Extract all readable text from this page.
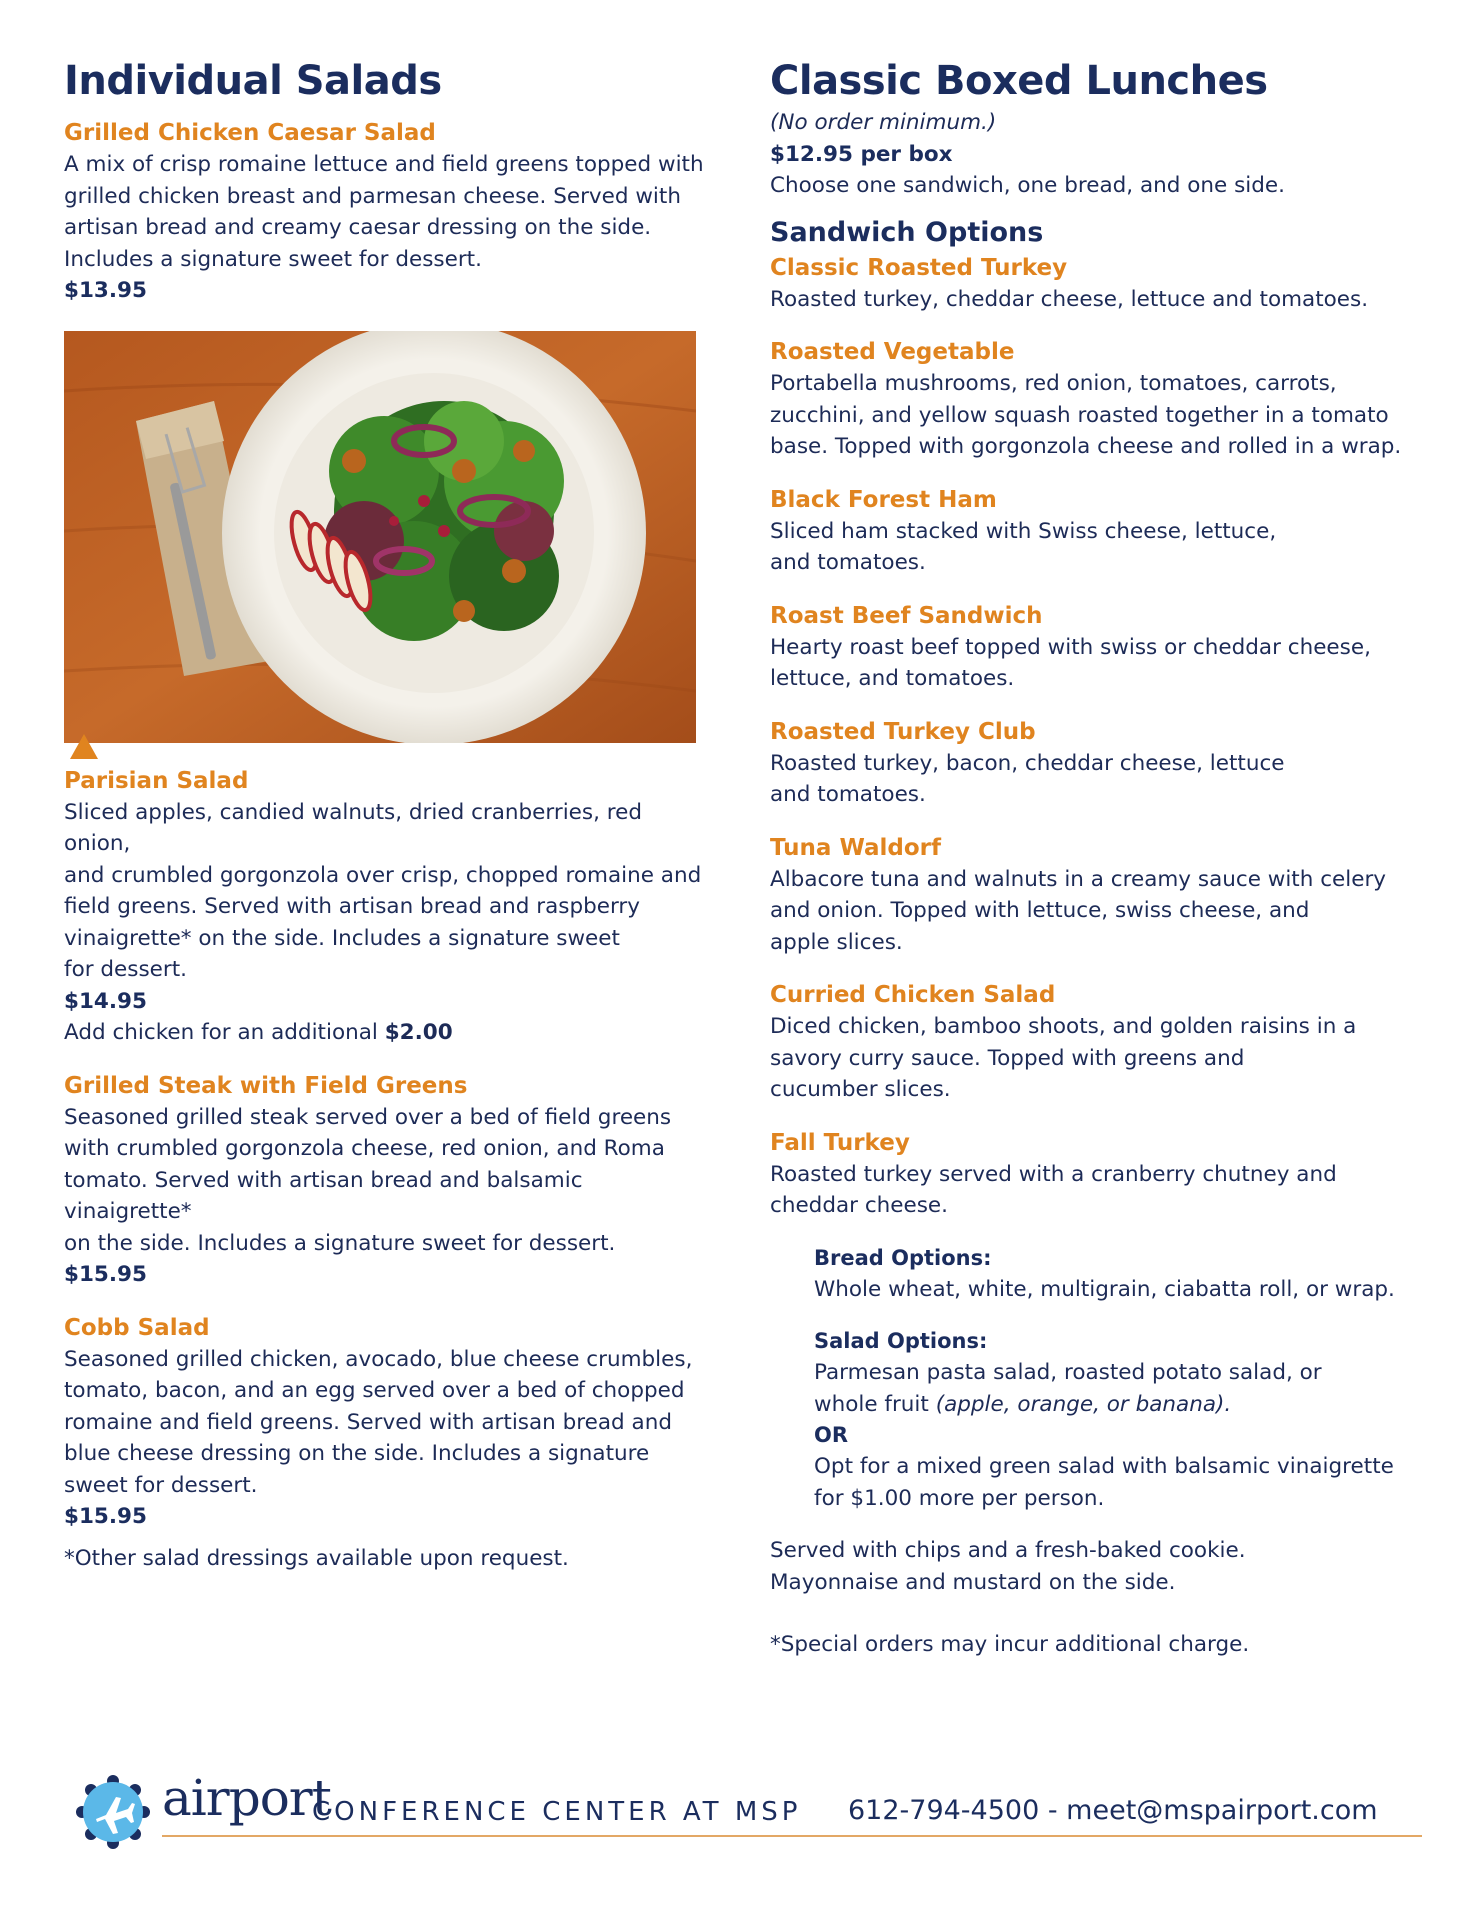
Individual Salads

Grilled Chicken Caesar Salad

A mix of crisp romaine lettuce and field greens topped with

grilled chicken breast and parmesan cheese. Served with

artisan bread and creamy caesar dressing on the side.

Includes a signature sweet for dessert.

$13.95

Parisian Salad

Sliced apples, candied walnuts, dried cranberries, red onion,

and crumbled gorgonzola over crisp, chopped romaine and

field greens. Served with artisan bread and raspberry

vinaigrette* on the side. Includes a signature sweet

for dessert.

$14.95

Add chicken for an additional $2.00

Grilled Steak with Field Greens

Seasoned grilled steak served over a bed of field greens

with crumbled gorgonzola cheese, red onion, and Roma

tomato. Served with artisan bread and balsamic vinaigrette*

on the side. Includes a signature sweet for dessert.

$15.95

Cobb Salad

Seasoned grilled chicken, avocado, blue cheese crumbles,

tomato, bacon, and an egg served over a bed of chopped

romaine and field greens. Served with artisan bread and

blue cheese dressing on the side. Includes a signature

sweet for dessert.

$15.95

*Other salad dressings available upon request.

Classic Boxed Lunches

(No order minimum.)

$12.95 per box

Choose one sandwich, one bread, and one side.

Sandwich Options

Classic Roasted Turkey

Roasted turkey, cheddar cheese, lettuce and tomatoes.

Roasted Vegetable

Portabella mushrooms, red onion, tomatoes, carrots,

zucchini, and yellow squash roasted together in a tomato

base. Topped with gorgonzola cheese and rolled in a wrap.

Black Forest Ham

Sliced ham stacked with Swiss cheese, lettuce,

and tomatoes.

Roast Beef Sandwich

Hearty roast beef topped with swiss or cheddar cheese,

lettuce, and tomatoes.

Roasted Turkey Club

Roasted turkey, bacon, cheddar cheese, lettuce

and tomatoes.

Tuna Waldorf

Albacore tuna and walnuts in a creamy sauce with celery

and onion. Topped with lettuce, swiss cheese, and

apple slices.

Curried Chicken Salad

Diced chicken, bamboo shoots, and golden raisins in a

savory curry sauce. Topped with greens and

cucumber slices.

Fall Turkey

Roasted turkey served with a cranberry chutney and

cheddar cheese.

Bread Options:

Whole wheat, white, multigrain, ciabatta roll, or wrap.

Salad Options:

Parmesan pasta salad, roasted potato salad, or

whole fruit (apple, orange, or banana).

OR

Opt for a mixed green salad with balsamic vinaigrette

for $1.00 more per person.

Served with chips and a fresh-baked cookie.

Mayonnaise and mustard on the side.

*Special orders may incur additional charge.

airport
CONFERENCE CENTER AT MSP 612-794-4500 - meet@mspairport.com
